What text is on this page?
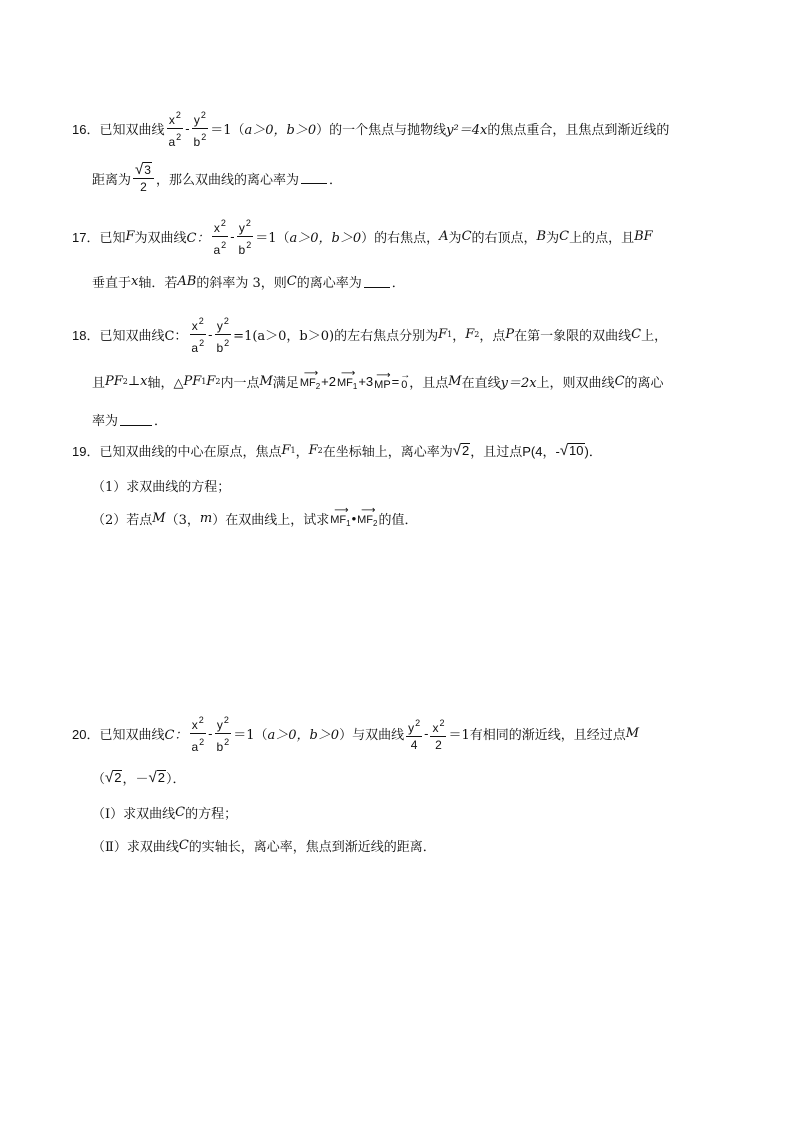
16． 已知双曲线 $\frac{x^2}{a^2} - \frac{y^2}{b^2} =1$（ a＞0，b＞0 ）的一个焦点与抛物线 y²＝4x 的焦点重合，且焦点到渐近线的
距离为 $\frac{√ 3}{2}$ ，那么双曲线的离心率为 ．
17． 已知 F 为双曲线 C： $\frac{x^2}{a^2} - \frac{y^2}{b^2} =1$（ a＞0，b＞0 ）的右焦点， A 为 C 的右顶点， B 为 C 上的点，且 BF
垂直于 x 轴．若 AB 的斜率为 3，则 C 的离心率为 ．
18． 已知双曲线C： $\frac{x^2}{a^2} - \frac{y^2}{b^2} =1(a>0$，b＞0)的左右焦点分别为 F 1 ， F 2 ，点 P 在第一象限的双曲线 C 上，
且 PF 2 ⊥ x 轴，△ PF 1 F 2 内一点 M 满足
⟶
$MF_2 +2$
⟶
$MF_1 +3$ ⟶
MP = →
0 ，且点 M 在直线 y＝2x 上，则双曲线 C 的离心
率为	．
19． 已知双曲线的中心在原点，焦点 F 1 ， F 2 在坐标轴上，离心率为 √ 2 ，且过点 P(4，- √ 10 )．
（1）求双曲线的方程；
（2）若点 M （3， m ）在双曲线上，试求
⟶
$MF_1$ •
⟶
$MF_2$ 的值．
20． 已知双曲线 C： $\frac{x^2}{a^2} - \frac{y^2}{b^2} =1$（ a＞0，b＞0 ）与双曲线 $\frac{y^2}{4} - \frac{x^2}{2} =1$有相同的渐近线，且经过点 M
（ √ 2 ，－ √ 2 ）．
（Ⅰ）求双曲线 C 的方程；
（Ⅱ）求双曲线 C 的实轴长，离心率，焦点到渐近线的距离．
